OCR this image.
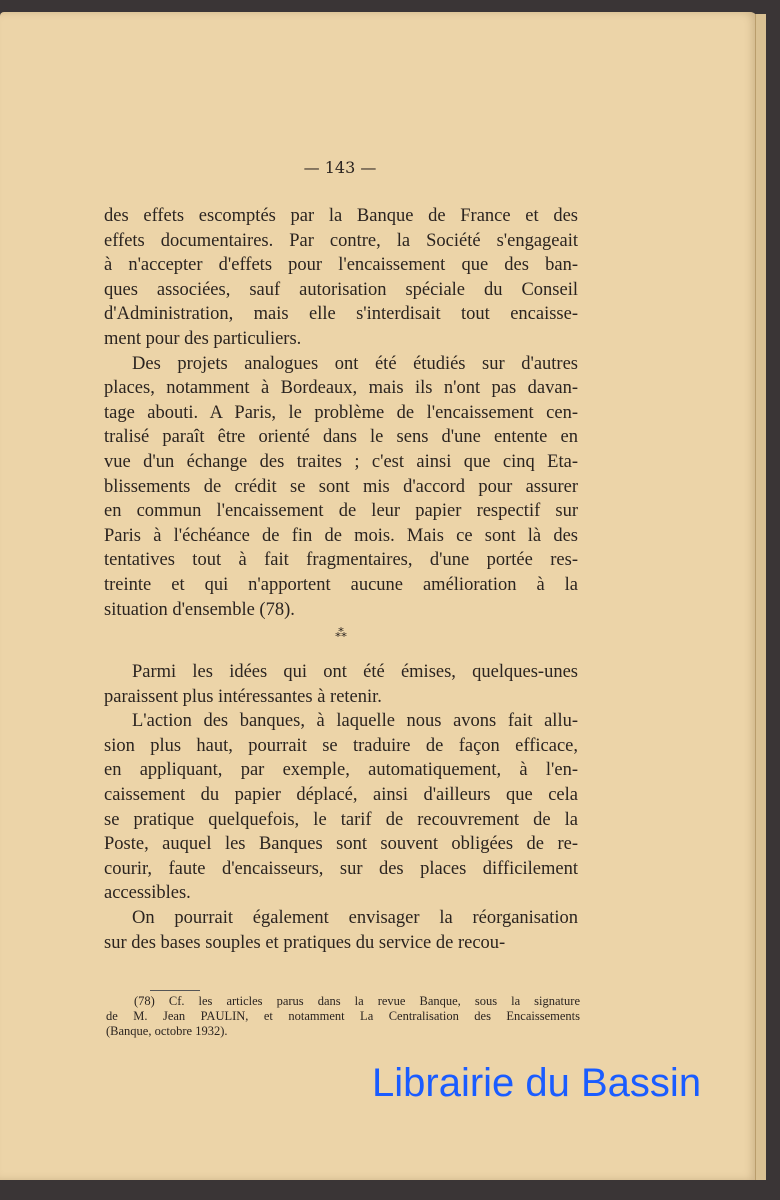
— 143 —
des effets escomptés par la Banque de France et des
effets documentaires. Par contre, la Société s'engageait
à n'accepter d'effets pour l'encaissement que des ban-
ques associées, sauf autorisation spéciale du Conseil
d'Administration, mais elle s'interdisait tout encaisse-
ment pour des particuliers.
Des projets analogues ont été étudiés sur d'autres
places, notamment à Bordeaux, mais ils n'ont pas davan-
tage abouti. A Paris, le problème de l'encaissement cen-
tralisé paraît être orienté dans le sens d'une entente en
vue d'un échange des traites ; c'est ainsi que cinq Eta-
blissements de crédit se sont mis d'accord pour assurer
en commun l'encaissement de leur papier respectif sur
Paris à l'échéance de fin de mois. Mais ce sont là des
tentatives tout à fait fragmentaires, d'une portée res-
treinte et qui n'apportent aucune amélioration à la
situation d'ensemble (78).
⁂
Parmi les idées qui ont été émises, quelques-unes
paraissent plus intéressantes à retenir.
L'action des banques, à laquelle nous avons fait allu-
sion plus haut, pourrait se traduire de façon efficace,
en appliquant, par exemple, automatiquement, à l'en-
caissement du papier déplacé, ainsi d'ailleurs que cela
se pratique quelquefois, le tarif de recouvrement de la
Poste, auquel les Banques sont souvent obligées de re-
courir, faute d'encaisseurs, sur des places difficilement
accessibles.
On pourrait également envisager la réorganisation
sur des bases souples et pratiques du service de recou-
(78) Cf. les articles parus dans la revue Banque, sous la signature
de M. Jean PAULIN, et notamment La Centralisation des Encaissements
(Banque, octobre 1932).
Librairie du Bassin
